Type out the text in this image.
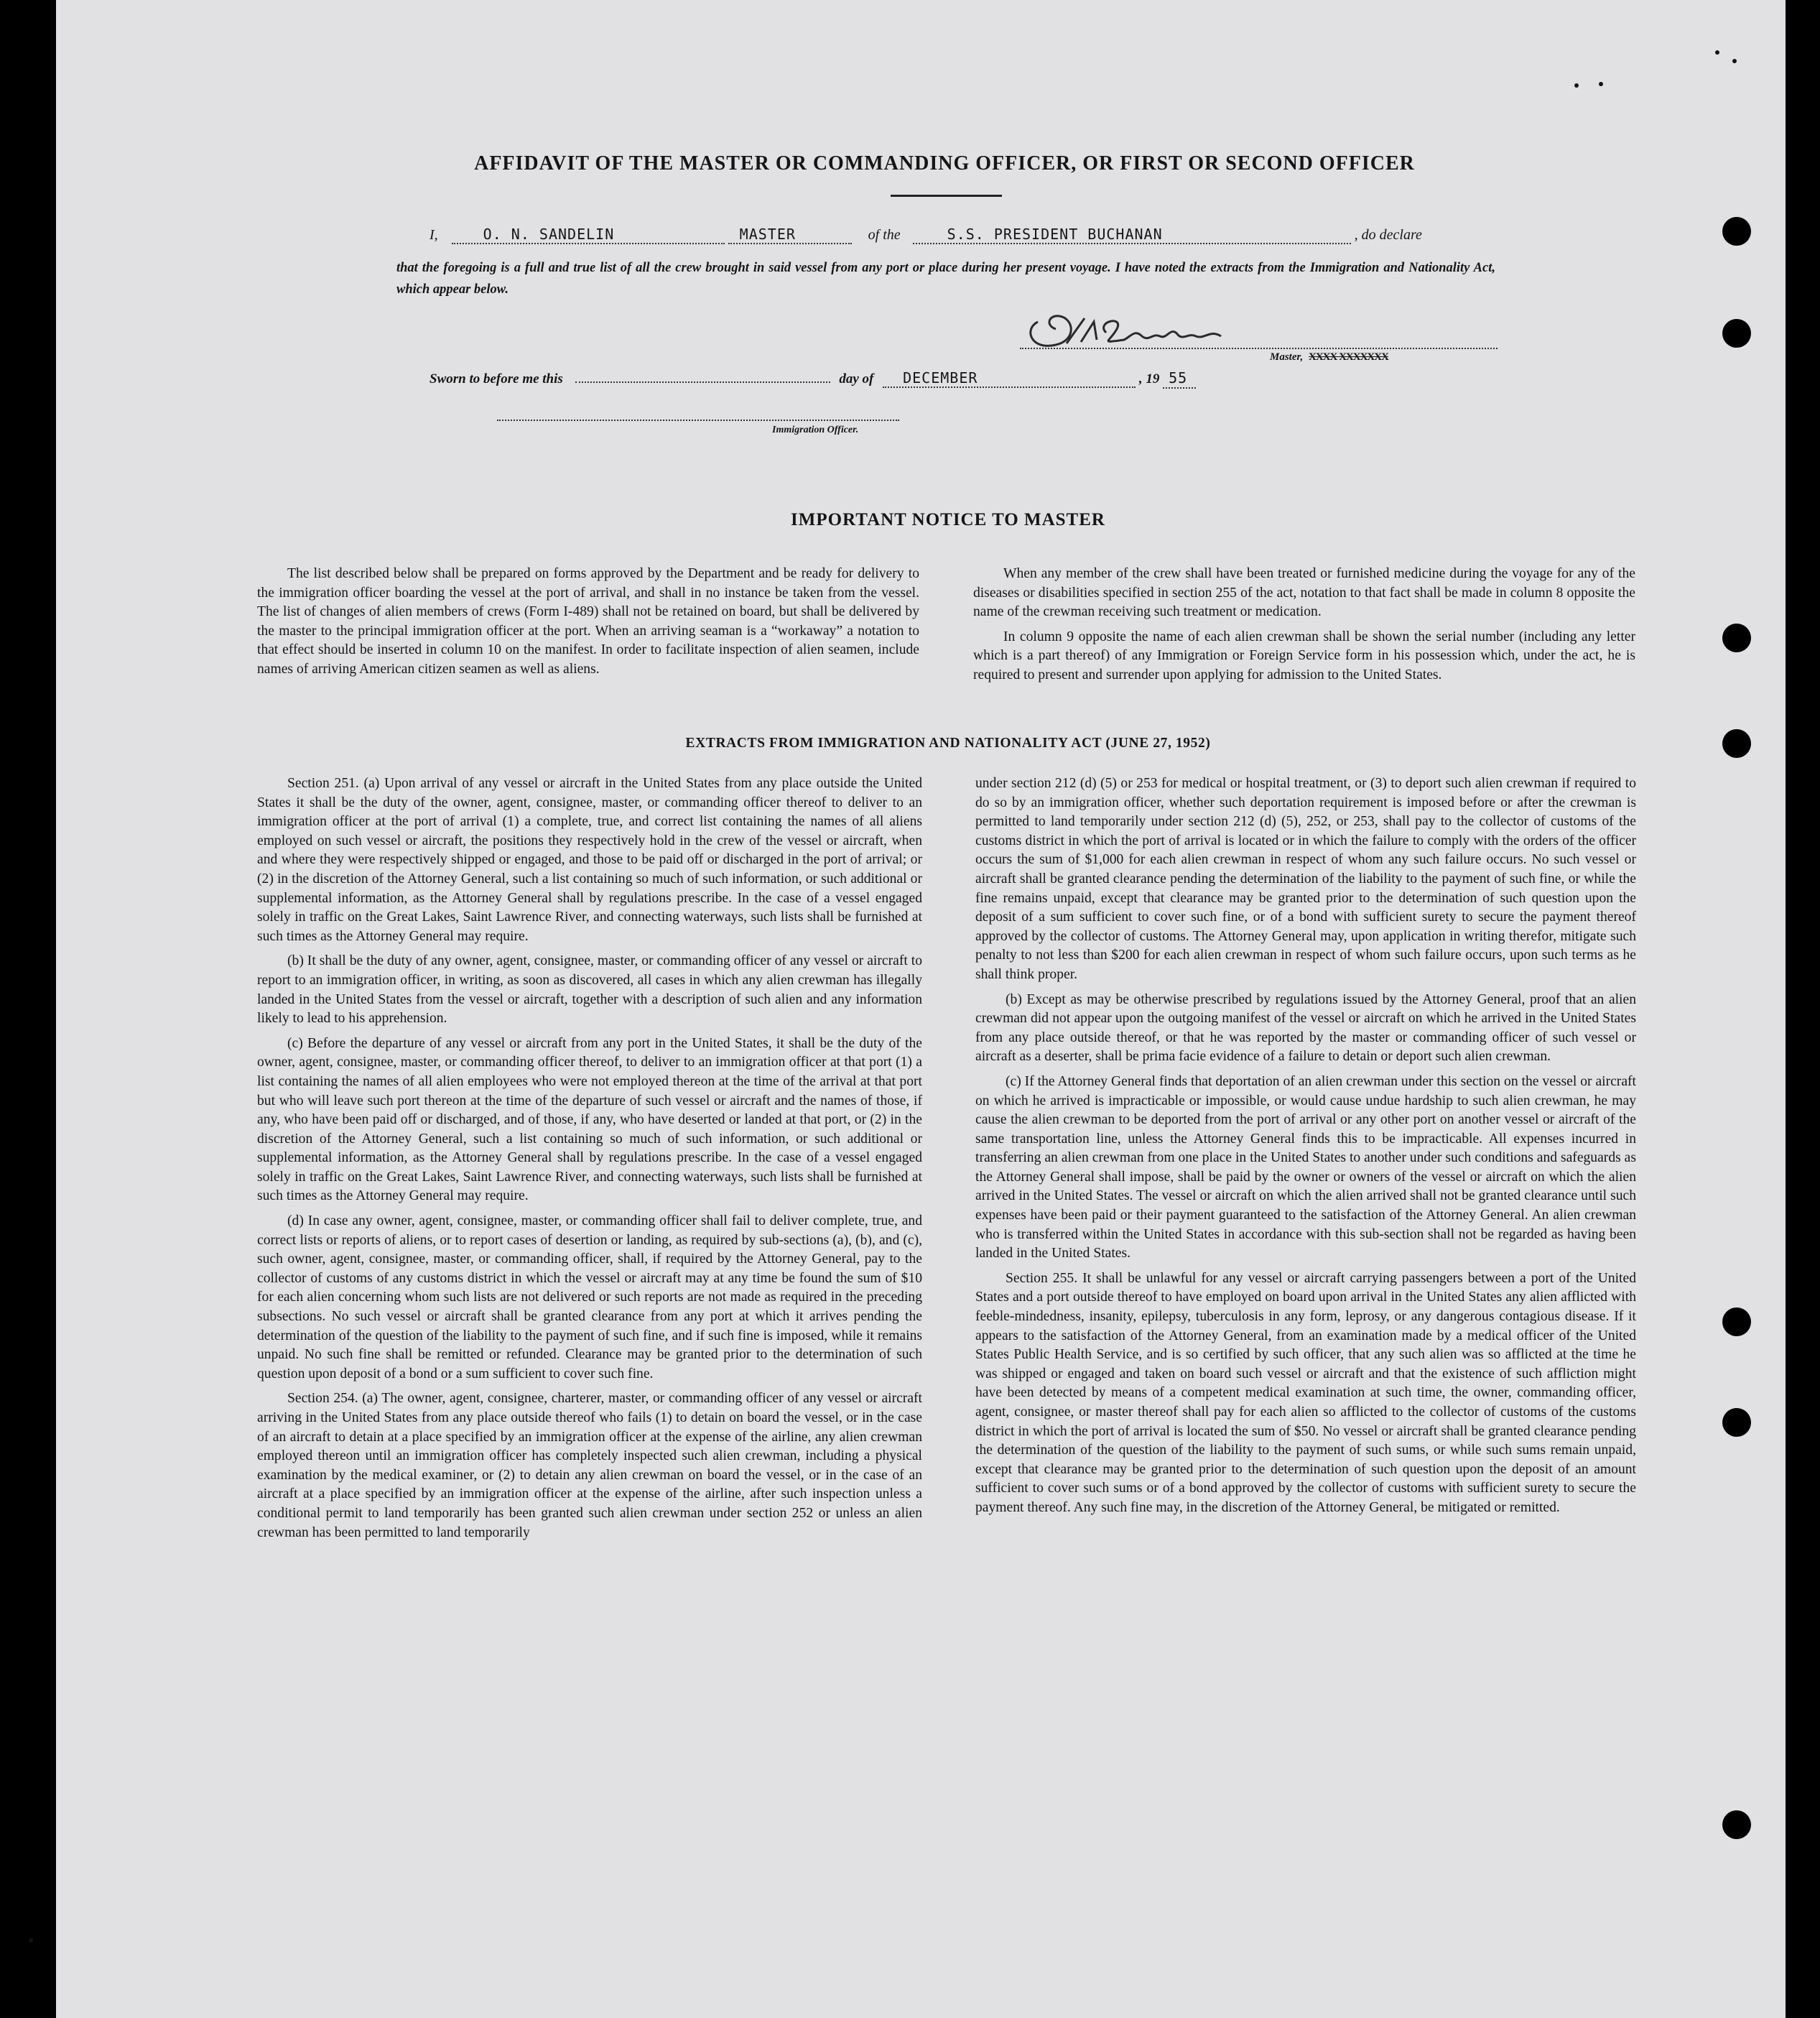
AFFIDAVIT OF THE MASTER OR COMMANDING OFFICER, OR FIRST OR SECOND OFFICER
I,	O. N. SANDELIN	MASTER	of the	S.S. PRESIDENT BUCHANAN	, do declare

that the foregoing is a full and true list of all the crew brought in said vessel from any port or place during her present voyage. I have noted the extracts from the Immigration and Nationality Act, which appear below.

Master, XXXX XXXXXXX
Sworn to before me this	day of DECEMBER	, 19 55
Immigration Officer.
IMPORTANT NOTICE TO MASTER

The list described below shall be prepared on forms approved by the Department and be ready for delivery to the immigration officer boarding the vessel at the port of arrival, and shall in no instance be taken from the vessel. The list of changes of alien members of crews (Form I-489) shall not be retained on board, but shall be delivered by the master to the principal immigration officer at the port. When an arriving seaman is a “workaway” a notation to that effect should be inserted in column 10 on the manifest. In order to facilitate inspection of alien seamen, include names of arriving American citizen seamen as well as aliens.

When any member of the crew shall have been treated or furnished medicine during the voyage for any of the diseases or disabilities specified in section 255 of the act, notation to that fact shall be made in column 8 opposite the name of the crewman receiving such treatment or medication.

In column 9 opposite the name of each alien crewman shall be shown the serial number (including any letter which is a part thereof) of any Immigration or Foreign Service form in his possession which, under the act, he is required to present and surrender upon applying for admission to the United States.

EXTRACTS FROM IMMIGRATION AND NATIONALITY ACT (JUNE 27, 1952)

Section 251. (a) Upon arrival of any vessel or aircraft in the United States from any place outside the United States it shall be the duty of the owner, agent, consignee, master, or commanding officer thereof to deliver to an immigration officer at the port of arrival (1) a complete, true, and correct list containing the names of all aliens employed on such vessel or aircraft, the positions they respectively hold in the crew of the vessel or aircraft, when and where they were respectively shipped or engaged, and those to be paid off or discharged in the port of arrival; or (2) in the discretion of the Attorney General, such a list containing so much of such information, or such additional or supplemental information, as the Attorney General shall by regulations prescribe. In the case of a vessel engaged solely in traffic on the Great Lakes, Saint Lawrence River, and connecting waterways, such lists shall be furnished at such times as the Attorney General may require.

(b) It shall be the duty of any owner, agent, consignee, master, or commanding officer of any vessel or aircraft to report to an immigration officer, in writing, as soon as discovered, all cases in which any alien crewman has illegally landed in the United States from the vessel or aircraft, together with a description of such alien and any information likely to lead to his apprehension.

(c) Before the departure of any vessel or aircraft from any port in the United States, it shall be the duty of the owner, agent, consignee, master, or commanding officer thereof, to deliver to an immigration officer at that port (1) a list containing the names of all alien employees who were not employed thereon at the time of the arrival at that port but who will leave such port thereon at the time of the departure of such vessel or aircraft and the names of those, if any, who have been paid off or discharged, and of those, if any, who have deserted or landed at that port, or (2) in the discretion of the Attorney General, such a list containing so much of such information, or such additional or supplemental information, as the Attorney General shall by regulations prescribe. In the case of a vessel engaged solely in traffic on the Great Lakes, Saint Lawrence River, and connecting waterways, such lists shall be furnished at such times as the Attorney General may require.

(d) In case any owner, agent, consignee, master, or commanding officer shall fail to deliver complete, true, and correct lists or reports of aliens, or to report cases of desertion or landing, as required by sub-sections (a), (b), and (c), such owner, agent, consignee, master, or commanding officer, shall, if required by the Attorney General, pay to the collector of customs of any customs district in which the vessel or aircraft may at any time be found the sum of $10 for each alien concerning whom such lists are not delivered or such reports are not made as required in the preceding subsections. No such vessel or aircraft shall be granted clearance from any port at which it arrives pending the determination of the question of the liability to the payment of such fine, and if such fine is imposed, while it remains unpaid. No such fine shall be remitted or refunded. Clearance may be granted prior to the determination of such question upon deposit of a bond or a sum sufficient to cover such fine.

Section 254. (a) The owner, agent, consignee, charterer, master, or commanding officer of any vessel or aircraft arriving in the United States from any place outside thereof who fails (1) to detain on board the vessel, or in the case of an aircraft to detain at a place specified by an immigration officer at the expense of the airline, any alien crewman employed thereon until an immigration officer has completely inspected such alien crewman, including a physical examination by the medical examiner, or (2) to detain any alien crewman on board the vessel, or in the case of an aircraft at a place specified by an immigration officer at the expense of the airline, after such inspection unless a conditional permit to land temporarily has been granted such alien crewman under section 252 or unless an alien crewman has been permitted to land temporarily

under section 212 (d) (5) or 253 for medical or hospital treatment, or (3) to deport such alien crewman if required to do so by an immigration officer, whether such deportation requirement is imposed before or after the crewman is permitted to land temporarily under section 212 (d) (5), 252, or 253, shall pay to the collector of customs of the customs district in which the port of arrival is located or in which the failure to comply with the orders of the officer occurs the sum of $1,000 for each alien crewman in respect of whom any such failure occurs. No such vessel or aircraft shall be granted clearance pending the determination of the liability to the payment of such fine, or while the fine remains unpaid, except that clearance may be granted prior to the determination of such question upon the deposit of a sum sufficient to cover such fine, or of a bond with sufficient surety to secure the payment thereof approved by the collector of customs. The Attorney General may, upon application in writing therefor, mitigate such penalty to not less than $200 for each alien crewman in respect of whom such failure occurs, upon such terms as he shall think proper.

(b) Except as may be otherwise prescribed by regulations issued by the Attorney General, proof that an alien crewman did not appear upon the outgoing manifest of the vessel or aircraft on which he arrived in the United States from any place outside thereof, or that he was reported by the master or commanding officer of such vessel or aircraft as a deserter, shall be prima facie evidence of a failure to detain or deport such alien crewman.

(c) If the Attorney General finds that deportation of an alien crewman under this section on the vessel or aircraft on which he arrived is impracticable or impossible, or would cause undue hardship to such alien crewman, he may cause the alien crewman to be deported from the port of arrival or any other port on another vessel or aircraft of the same transportation line, unless the Attorney General finds this to be impracticable. All expenses incurred in transferring an alien crewman from one place in the United States to another under such conditions and safeguards as the Attorney General shall impose, shall be paid by the owner or owners of the vessel or aircraft on which the alien arrived in the United States. The vessel or aircraft on which the alien arrived shall not be granted clearance until such expenses have been paid or their payment guaranteed to the satisfaction of the Attorney General. An alien crewman who is transferred within the United States in accordance with this sub-section shall not be regarded as having been landed in the United States.

Section 255. It shall be unlawful for any vessel or aircraft carrying passengers between a port of the United States and a port outside thereof to have employed on board upon arrival in the United States any alien afflicted with feeble-mindedness, insanity, epilepsy, tuberculosis in any form, leprosy, or any dangerous contagious disease. If it appears to the satisfaction of the Attorney General, from an examination made by a medical officer of the United States Public Health Service, and is so certified by such officer, that any such alien was so afflicted at the time he was shipped or engaged and taken on board such vessel or aircraft and that the existence of such affliction might have been detected by means of a competent medical examination at such time, the owner, commanding officer, agent, consignee, or master thereof shall pay for each alien so afflicted to the collector of customs of the customs district in which the port of arrival is located the sum of $50. No vessel or aircraft shall be granted clearance pending the determination of the question of the liability to the payment of such sums, or while such sums remain unpaid, except that clearance may be granted prior to the determination of such question upon the deposit of an amount sufficient to cover such sums or of a bond approved by the collector of customs with sufficient surety to secure the payment thereof. Any such fine may, in the discretion of the Attorney General, be mitigated or remitted.
